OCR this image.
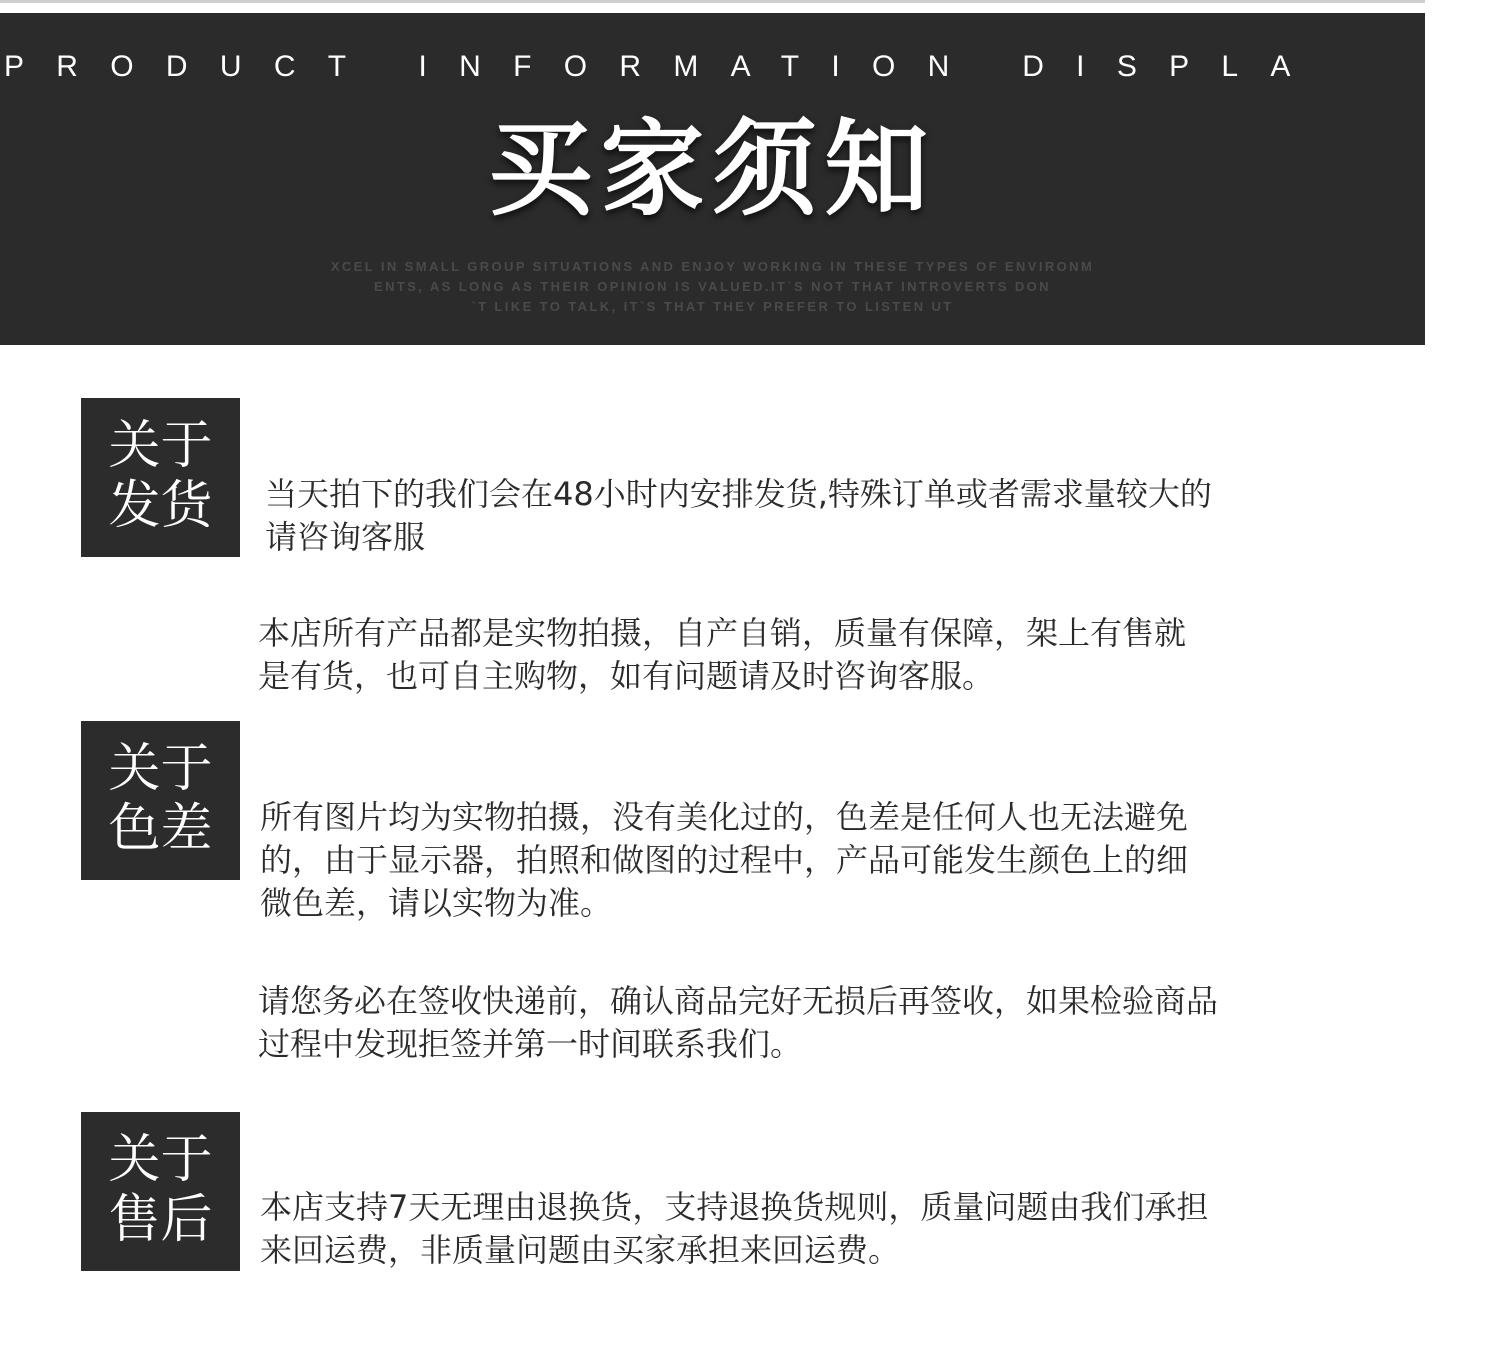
PRODUCT INFORMATION DISPLA
买家须知
XCEL IN SMALL GROUP SITUATIONS AND ENJOY WORKING IN THESE TYPES OF ENVIRONM
ENTS, AS LONG AS THEIR OPINION IS VALUED.IT`S NOT THAT INTROVERTS DON
`T LIKE TO TALK, IT`S THAT THEY PREFER TO LISTEN UT
关于
发货	当天拍下的我们会在48小时内安排发货,特殊订单或者需求量较大的
请咨询客服
本店所有产品都是实物拍摄，自产自销，质量有保障，架上有售就
是有货，也可自主购物，如有问题请及时咨询客服。
关于
色差	所有图片均为实物拍摄，没有美化过的，色差是任何人也无法避免
的，由于显示器，拍照和做图的过程中，产品可能发生颜色上的细
微色差，请以实物为准。
请您务必在签收快递前，确认商品完好无损后再签收，如果检验商品
过程中发现拒签并第一时间联系我们。
关于
售后	本店支持7天无理由退换货，支持退换货规则，质量问题由我们承担
来回运费，非质量问题由买家承担来回运费。
